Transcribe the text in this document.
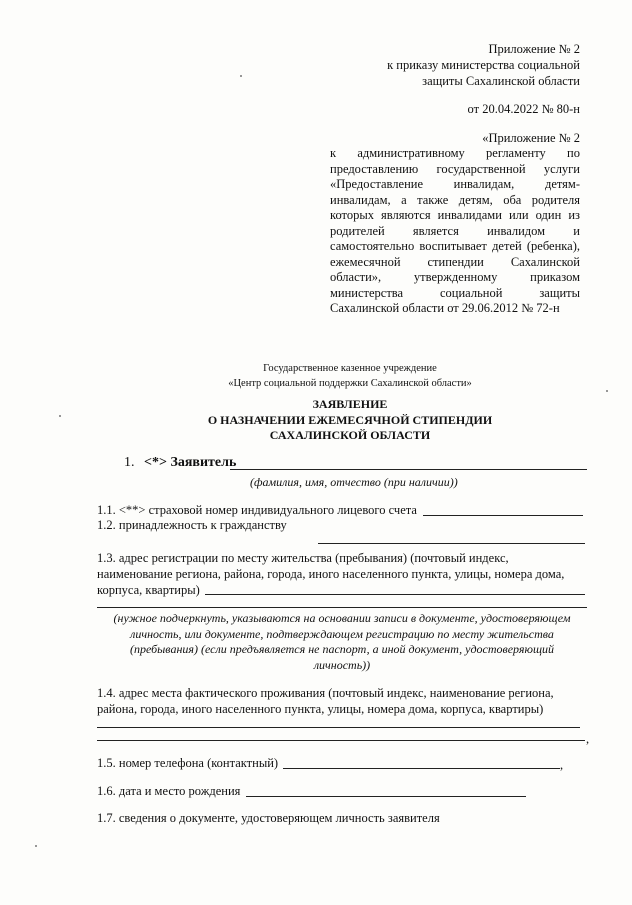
Приложение № 2
к приказу министерства социальной
защиты Сахалинской области
от 20.04.2022 № 80-н
«Приложение № 2
к административному регламенту по
предоставлению государственной услуги
«Предоставление инвалидам, детям-
инвалидам, а также детям, оба родителя
которых являются инвалидами или один из
родителей является инвалидом и
самостоятельно воспитывает детей (ребенка),
ежемесячной стипендии Сахалинской
области», утвержденному приказом
министерства социальной защиты
Сахалинской области от 29.06.2012 № 72-н
Государственное казенное учреждение
«Центр социальной поддержки Сахалинской области»
ЗАЯВЛЕНИЕ
О НАЗНАЧЕНИИ ЕЖЕМЕСЯЧНОЙ СТИПЕНДИИ
САХАЛИНСКОЙ ОБЛАСТИ
1. <*> Заявитель
(фамилия, имя, отчество (при наличии))
1.1. <**> страховой номер индивидуального лицевого счета
1.2. принадлежность к гражданству
1.3. адрес регистрации по месту жительства (пребывания) (почтовый индекс,
наименование региона, района, города, иного населенного пункта, улицы, номера дома,
корпуса, квартиры)
(нужное подчеркнуть, указываются на основании записи в документе, удостоверяющем
личность, или документе, подтверждающем регистрацию по месту жительства
(пребывания) (если предъявляется не паспорт, а иной документ, удостоверяющий
личность))
1.4. адрес места фактического проживания (почтовый индекс, наименование региона,
района, города, иного населенного пункта, улицы, номера дома, корпуса, квартиры)
,
1.5. номер телефона (контактный)	,
1.6. дата и место рождения
1.7. сведения о документе, удостоверяющем личность заявителя
